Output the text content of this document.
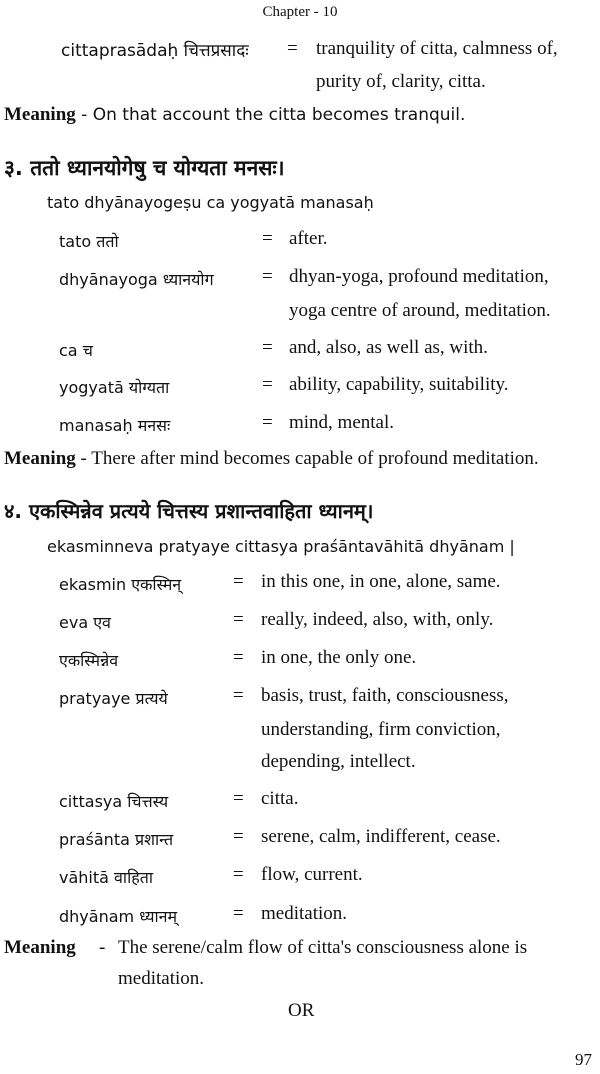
Chapter - 10
cittaprasādaḥ चित्तप्रसादः = tranquility of citta, calmness of,
purity of, clarity, citta.
Meaning - On that account the citta becomes tranquil.
३. ततो ध्यानयोगेषु च योग्यता मनसः।
tato dhyānayogeṣu ca yogyatā manasaḥ
tato ततो	= after.
dhyānayoga ध्यानयोग	= dhyan-yoga, profound meditation,
yoga centre of around, meditation.
ca च	= and, also, as well as, with.
yogyatā योग्यता	= ability, capability, suitability.
manasaḥ मनसः	= mind, mental.
Meaning - There after mind becomes capable of profound meditation.
४. एकस्मिन्नेव प्रत्यये चित्तस्य प्रशान्तवाहिता ध्यानम्।
ekasminneva pratyaye cittasya praśāntavāhitā dhyānam |
ekasmin एकस्मिन्	= in this one, in one, alone, same.
eva एव	= really, indeed, also, with, only.
एकस्मिन्नेव	= in one, the only one.
pratyaye प्रत्यये	= basis, trust, faith, consciousness,
understanding, firm conviction,
depending, intellect.
cittasya चित्तस्य	= citta.
praśānta प्रशान्त	= serene, calm, indifferent, cease.
vāhitā वाहिता	= flow, current.
dhyānam ध्यानम्	= meditation.
Meaning - The serene/calm flow of citta's consciousness alone is
meditation.
OR
97
